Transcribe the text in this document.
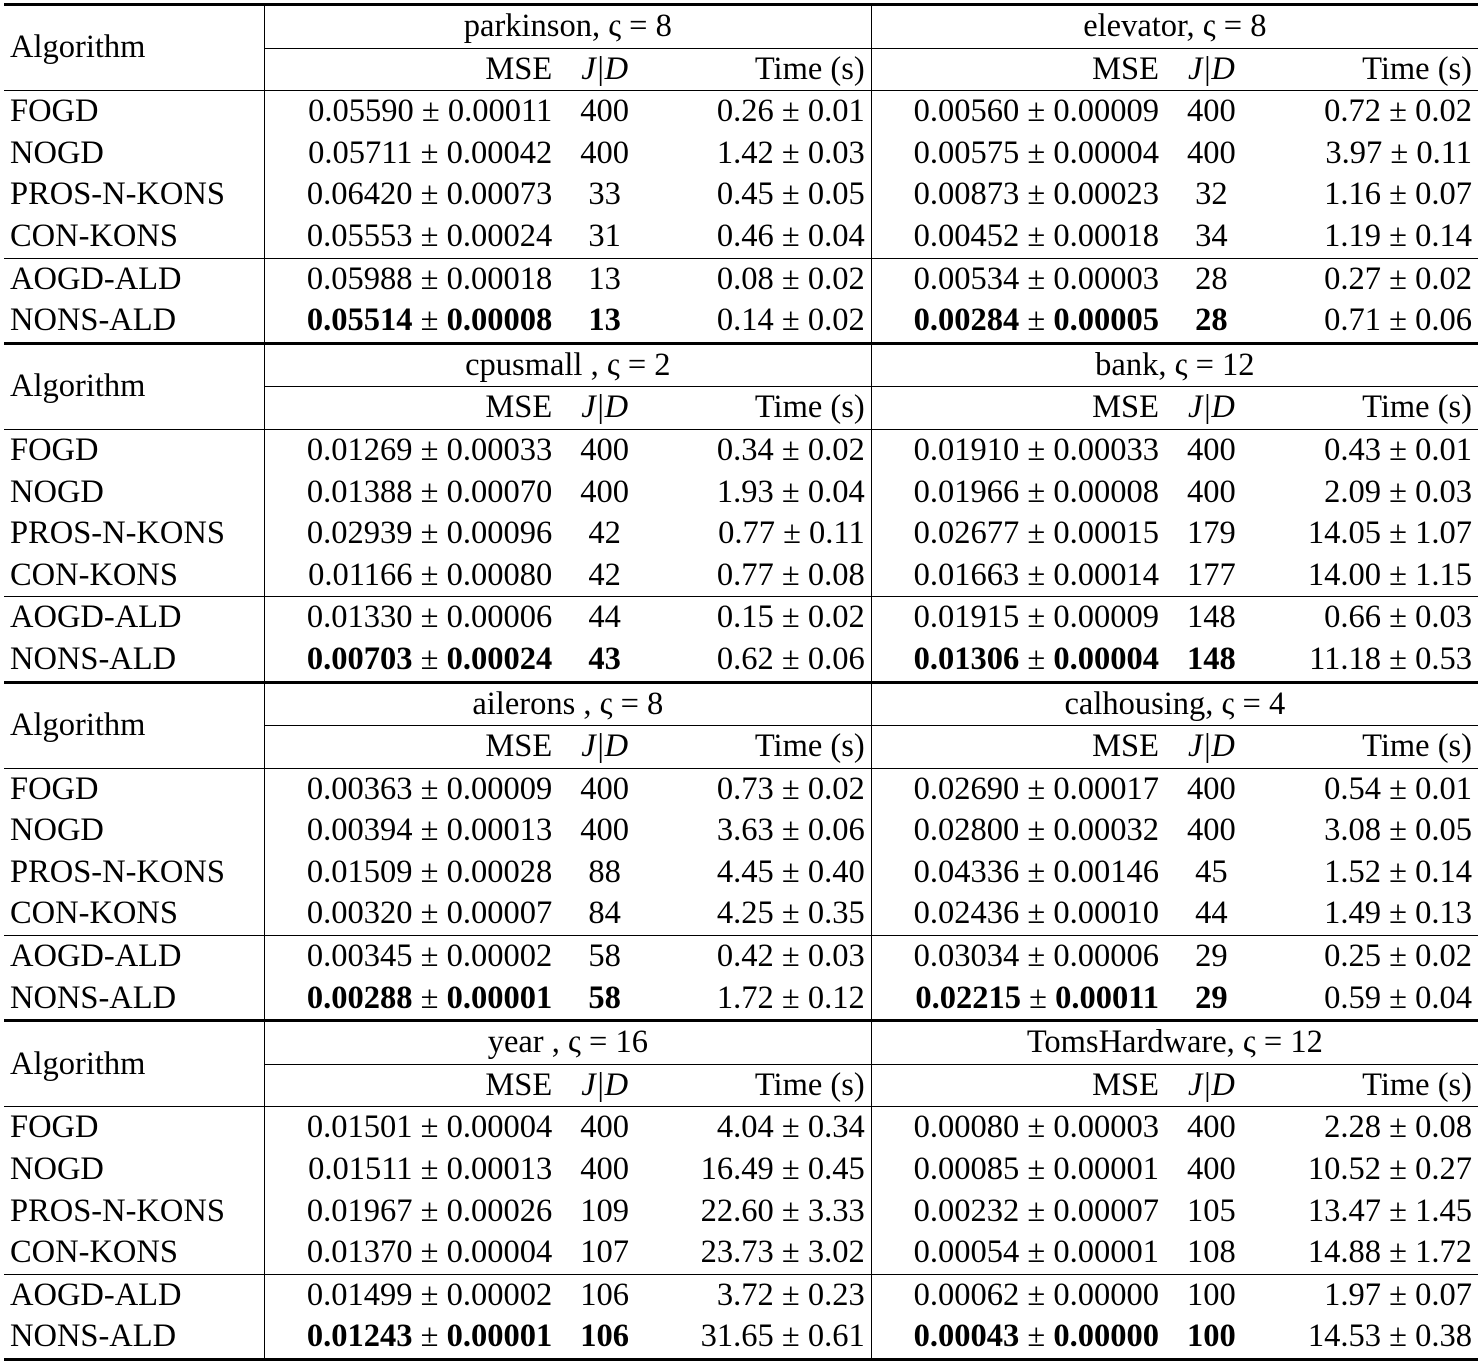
Algorithm	parkinson, ς = 8			elevator, ς = 8		
	MSE	J|D	Time (s)	MSE	J|D	Time (s)
FOGD	0.05590 ± 0.00011	400	0.26 ± 0.01	0.00560 ± 0.00009	400	0.72 ± 0.02
NOGD	0.05711 ± 0.00042	400	1.42 ± 0.03	0.00575 ± 0.00004	400	3.97 ± 0.11
PROS-N-KONS	0.06420 ± 0.00073	33	0.45 ± 0.05	0.00873 ± 0.00023	32	1.16 ± 0.07
CON-KONS	0.05553 ± 0.00024	31	0.46 ± 0.04	0.00452 ± 0.00018	34	1.19 ± 0.14
AOGD-ALD	0.05988 ± 0.00018	13	0.08 ± 0.02	0.00534 ± 0.00003	28	0.27 ± 0.02
NONS-ALD	0.05514 ± 0.00008	13	0.14 ± 0.02	0.00284 ± 0.00005	28	0.71 ± 0.06
Algorithm	cpusmall , ς = 2			bank, ς = 12		
	MSE	J|D	Time (s)	MSE	J|D	Time (s)
FOGD	0.01269 ± 0.00033	400	0.34 ± 0.02	0.01910 ± 0.00033	400	0.43 ± 0.01
NOGD	0.01388 ± 0.00070	400	1.93 ± 0.04	0.01966 ± 0.00008	400	2.09 ± 0.03
PROS-N-KONS	0.02939 ± 0.00096	42	0.77 ± 0.11	0.02677 ± 0.00015	179	14.05 ± 1.07
CON-KONS	0.01166 ± 0.00080	42	0.77 ± 0.08	0.01663 ± 0.00014	177	14.00 ± 1.15
AOGD-ALD	0.01330 ± 0.00006	44	0.15 ± 0.02	0.01915 ± 0.00009	148	0.66 ± 0.03
NONS-ALD	0.00703 ± 0.00024	43	0.62 ± 0.06	0.01306 ± 0.00004	148	11.18 ± 0.53
Algorithm	ailerons , ς = 8			calhousing, ς = 4		
	MSE	J|D	Time (s)	MSE	J|D	Time (s)
FOGD	0.00363 ± 0.00009	400	0.73 ± 0.02	0.02690 ± 0.00017	400	0.54 ± 0.01
NOGD	0.00394 ± 0.00013	400	3.63 ± 0.06	0.02800 ± 0.00032	400	3.08 ± 0.05
PROS-N-KONS	0.01509 ± 0.00028	88	4.45 ± 0.40	0.04336 ± 0.00146	45	1.52 ± 0.14
CON-KONS	0.00320 ± 0.00007	84	4.25 ± 0.35	0.02436 ± 0.00010	44	1.49 ± 0.13
AOGD-ALD	0.00345 ± 0.00002	58	0.42 ± 0.03	0.03034 ± 0.00006	29	0.25 ± 0.02
NONS-ALD	0.00288 ± 0.00001	58	1.72 ± 0.12	0.02215 ± 0.00011	29	0.59 ± 0.04
Algorithm	year , ς = 16			TomsHardware, ς = 12		
	MSE	J|D	Time (s)	MSE	J|D	Time (s)
FOGD	0.01501 ± 0.00004	400	4.04 ± 0.34	0.00080 ± 0.00003	400	2.28 ± 0.08
NOGD	0.01511 ± 0.00013	400	16.49 ± 0.45	0.00085 ± 0.00001	400	10.52 ± 0.27
PROS-N-KONS	0.01967 ± 0.00026	109	22.60 ± 3.33	0.00232 ± 0.00007	105	13.47 ± 1.45
CON-KONS	0.01370 ± 0.00004	107	23.73 ± 3.02	0.00054 ± 0.00001	108	14.88 ± 1.72
AOGD-ALD	0.01499 ± 0.00002	106	3.72 ± 0.23	0.00062 ± 0.00000	100	1.97 ± 0.07
NONS-ALD	0.01243 ± 0.00001	106	31.65 ± 0.61	0.00043 ± 0.00000	100	14.53 ± 0.38
